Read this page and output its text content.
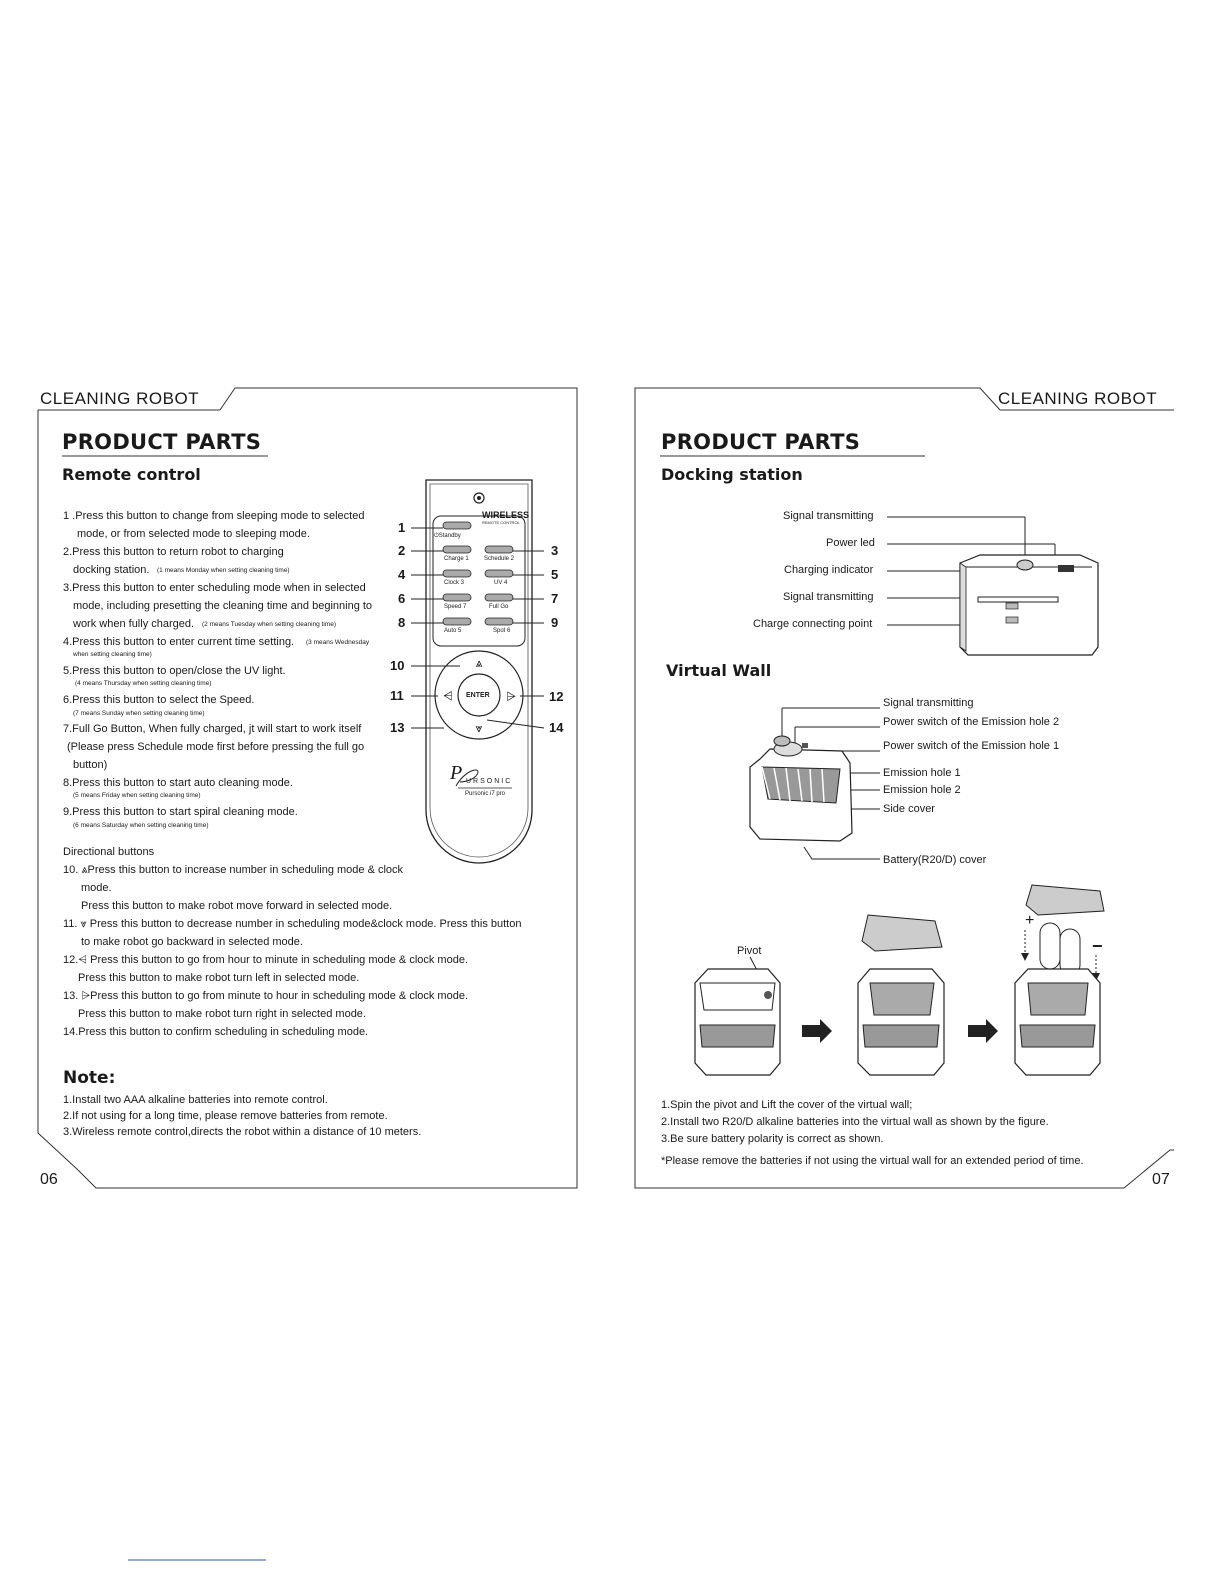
CLEANING ROBOT
PRODUCT PARTS
Remote control
1 .Press this button to change from sleeping mode to selected
mode, or from selected mode to sleeping mode.
2.Press this button to return robot to charging
docking station. (1 means Monday when setting cleaning time)
3.Press this button to enter scheduling mode when in selected
mode, including presetting the cleaning time and beginning to
work when fully charged. (2 means Tuesday when setting cleaning time)
4.Press this button to enter current time setting. (3 means Wednesday
when setting cleaning time)
5.Press this button to open/close the UV light.
(4 means Thursday when setting cleaning time)
6.Press this button to select the Speed.
(7 means Sunday when setting cleaning time)
7.Full Go Button, When fully charged, jt will start to work itself
(Please press Schedule mode first before pressing the full go
button)
8.Press this button to start auto cleaning mode.
(5 means Friday when setting cleaning time)
9.Press this button to start spiral cleaning mode.
(6 means Saturday when setting cleaning time)
Directional buttons
10. ⩓Press this button to increase number in scheduling mode & clock
mode.
Press this button to make robot move forward in selected mode.
11. ⩔ Press this button to decrease number in scheduling mode&clock mode. Press this button
to make robot go backward in selected mode.
12.⩤ Press this button to go from hour to minute in scheduling mode & clock mode.
Press this button to make robot turn left in selected mode.
13. ⩥Press this button to go from minute to hour in scheduling mode & clock mode.
Press this button to make robot turn right in selected mode.
14.Press this button to confirm scheduling in scheduling mode.
Note:
1.Install two AAA alkaline batteries into remote control.
2.If not using for a long time, please remove batteries from remote.
3.Wireless remote control,directs the robot within a distance of 10 meters.
06
⩓
⩔
⩤	⩥
WIRELESS
REMOTE CONTROL
⏻Standby
Charge 1	Schedule 2
Clock 3	UV 4
Speed 7	Full Go
Auto 5	Spot 6
ENTER
P URSONIC
Pursonic i7 pro
1
2	3
4	5
6	7
8	9
10
11	12
13	14
CLEANING ROBOT
PRODUCT PARTS
Docking station
Signal transmitting
Power led
Charging indicator
Signal transmitting
Charge connecting point
Virtual Wall
Signal transmitting
Power switch of the Emission hole 2
Power switch of the Emission hole 1
Emission hole 1
Emission hole 2
Side cover
Battery(R20/D) cover
Pivot
+
−
1.Spin the pivot and Lift the cover of the virtual wall;
2.Install two R20/D alkaline batteries into the virtual wall as shown by the figure.
3.Be sure battery polarity is correct as shown.
*Please remove the batteries if not using the virtual wall for an extended period of time.
07
